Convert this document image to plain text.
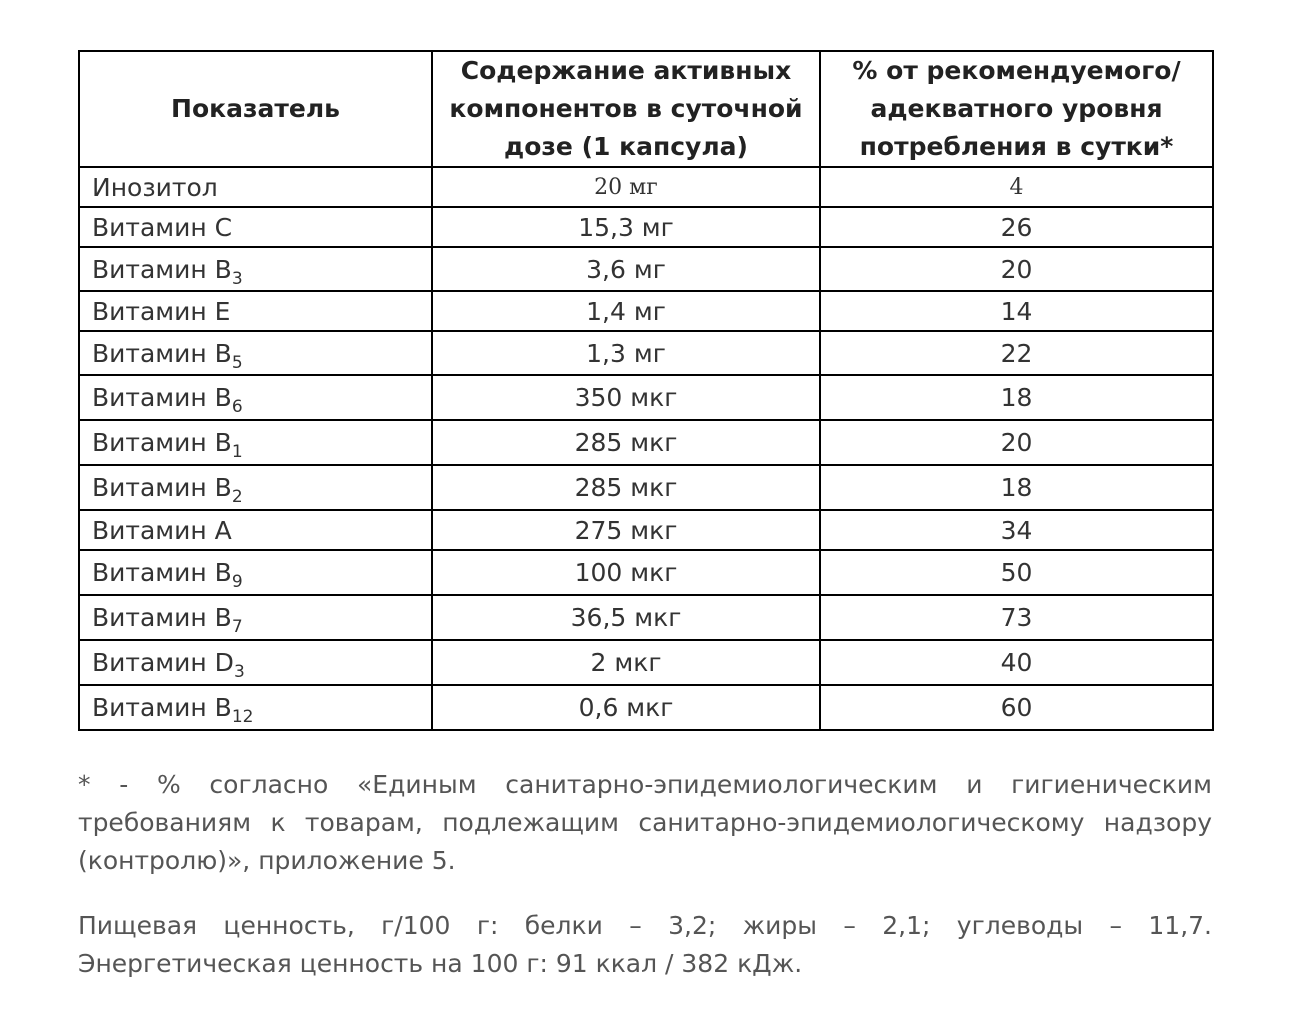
Показатель	Содержание активных компонентов в суточной дозе (1 капсула)	% от рекомендуемого/ адекватного уровня потребления в сутки*
Инозитол	20 мг	4
Витамин С	15,3 мг	26
Витамин $В_3$	3,6 мг	20
Витамин Е	1,4 мг	14
Витамин $В_5$	1,3 мг	22
Витамин $В_6$	350 мкг	18
Витамин $В_1$	285 мкг	20
Витамин $В_2$	285 мкг	18
Витамин А	275 мкг	34
Витамин $В_9$	100 мкг	50
Витамин $В_7$	36,5 мкг	73
Витамин $D_3$	2 мкг	40
Витамин $В_{12}$	0,6 мкг	60

* - % согласно «Единым санитарно-эпидемиологическим и гигиеническим требованиям к товарам, подлежащим санитарно-эпидемиологическому надзору (контролю)», приложение 5.

Пищевая ценность, г/100 г: белки – 3,2; жиры – 2,1; углеводы – 11,7. Энергетическая ценность на 100 г: 91 ккал / 382 кДж.
